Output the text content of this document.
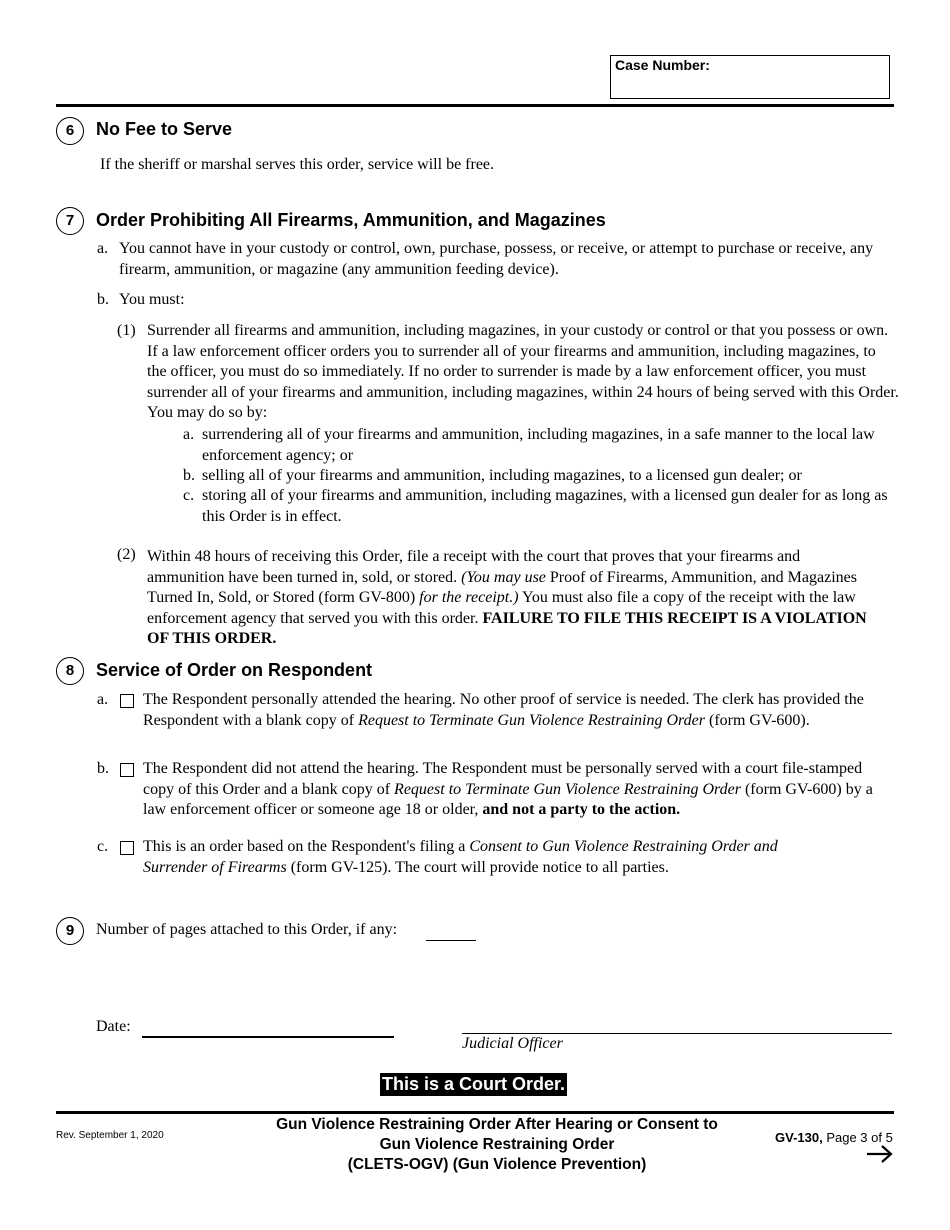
Case Number:
6	No Fee to Serve
If the sheriff or marshal serves this order, service will be free.
7	Order Prohibiting All Firearms, Ammunition, and Magazines
a. You cannot have in your custody or control, own, purchase, possess, or receive, or attempt to purchase or receive, any firearm, ammunition, or magazine (any ammunition feeding device).
b. You must:
(1) Surrender all firearms and ammunition, including magazines, in your custody or control or that you possess or own. If a law enforcement officer orders you to surrender all of your firearms and ammunition, including magazines, to the officer, you must do so immediately. If no order to surrender is made by a law enforcement officer, you must surrender all of your firearms and ammunition, including magazines, within 24 hours of being served with this Order. You may do so by:
a. surrendering all of your firearms and ammunition, including magazines, in a safe manner to the local law enforcement agency; or
b. selling all of your firearms and ammunition, including magazines, to a licensed gun dealer; or
c. storing all of your firearms and ammunition, including magazines, with a licensed gun dealer for as long as this Order is in effect.
(2) Within 48 hours of receiving this Order, file a receipt with the court that proves that your firearms and ammunition have been turned in, sold, or stored. (You may use Proof of Firearms, Ammunition, and Magazines Turned In, Sold, or Stored (form GV-800) for the receipt.) You must also file a copy of the receipt with the law enforcement agency that served you with this order. FAILURE TO FILE THIS RECEIPT IS A VIOLATION OF THIS ORDER.
8	Service of Order on Respondent
a. The Respondent personally attended the hearing. No other proof of service is needed. The clerk has provided the Respondent with a blank copy of Request to Terminate Gun Violence Restraining Order (form GV-600).
b. The Respondent did not attend the hearing. The Respondent must be personally served with a court file-stamped copy of this Order and a blank copy of Request to Terminate Gun Violence Restraining Order (form GV-600) by a law enforcement officer or someone age 18 or older, and not a party to the action.
c. This is an order based on the Respondent's filing a Consent to Gun Violence Restraining Order and Surrender of Firearms (form GV-125). The court will provide notice to all parties.
9	Number of pages attached to this Order, if any:
Date:
Judicial Officer
This is a Court Order.
Rev. September 1, 2020
Gun Violence Restraining Order After Hearing or Consent to
Gun Violence Restraining Order
(CLETS-OGV) (Gun Violence Prevention)
GV-130, Page 3 of 5
